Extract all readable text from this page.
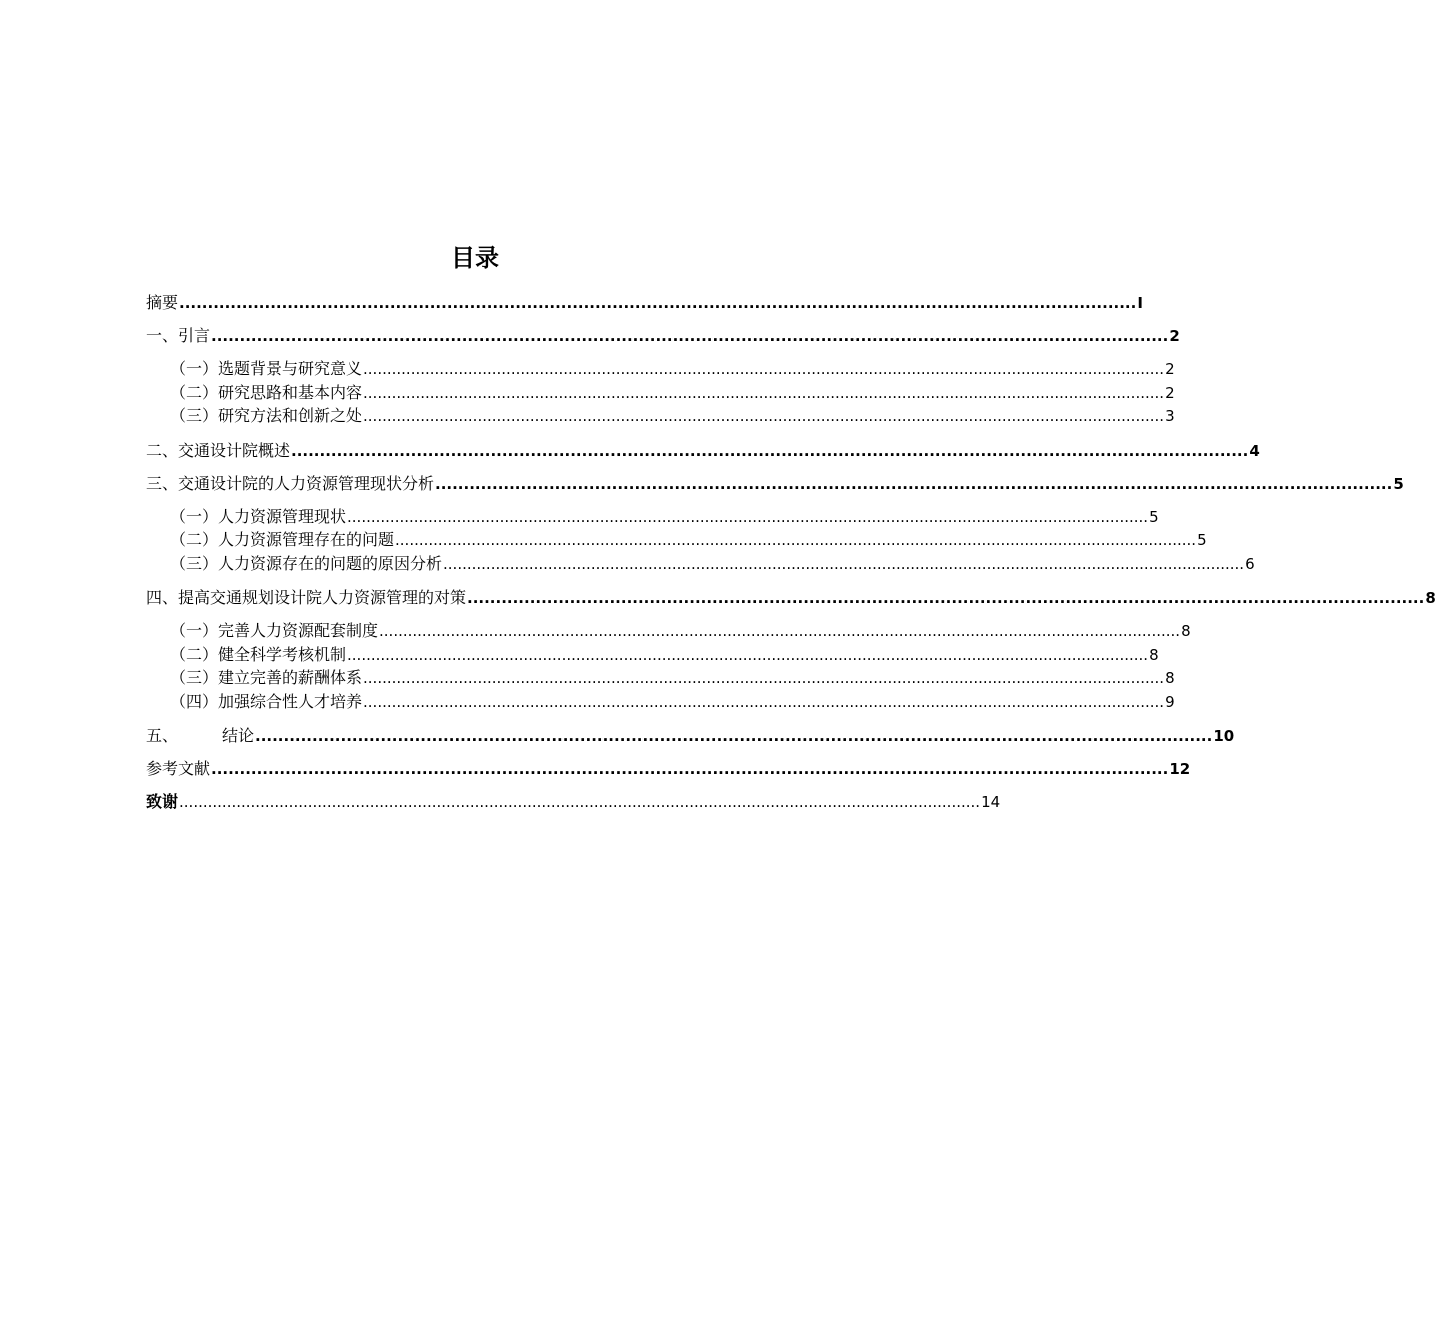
目录
摘要 ........................................................................................................................................................................ I
一、引言 ........................................................................................................................................................................ 2
（一）选题背景与研究意义 ........................................................................................................................................................................ 2
（二）研究思路和基本内容 ........................................................................................................................................................................ 2
（三）研究方法和创新之处 ........................................................................................................................................................................ 3
二、交通设计院概述 ........................................................................................................................................................................ 4
三、交通设计院的人力资源管理现状分析 ........................................................................................................................................................................ 5
（一）人力资源管理现状 ........................................................................................................................................................................ 5
（二）人力资源管理存在的问题 ........................................................................................................................................................................ 5
（三）人力资源存在的问题的原因分析 ........................................................................................................................................................................ 6
四、提高交通规划设计院人力资源管理的对策 ........................................................................................................................................................................ 8
（一）完善人力资源配套制度 ........................................................................................................................................................................ 8
（二）健全科学考核机制 ........................................................................................................................................................................ 8
（三）建立完善的薪酬体系 ........................................................................................................................................................................ 8
（四）加强综合性人才培养 ........................................................................................................................................................................ 9
五、	结论 ........................................................................................................................................................................ 10
参考文献 ........................................................................................................................................................................ 12
致谢 ........................................................................................................................................................................ 14
